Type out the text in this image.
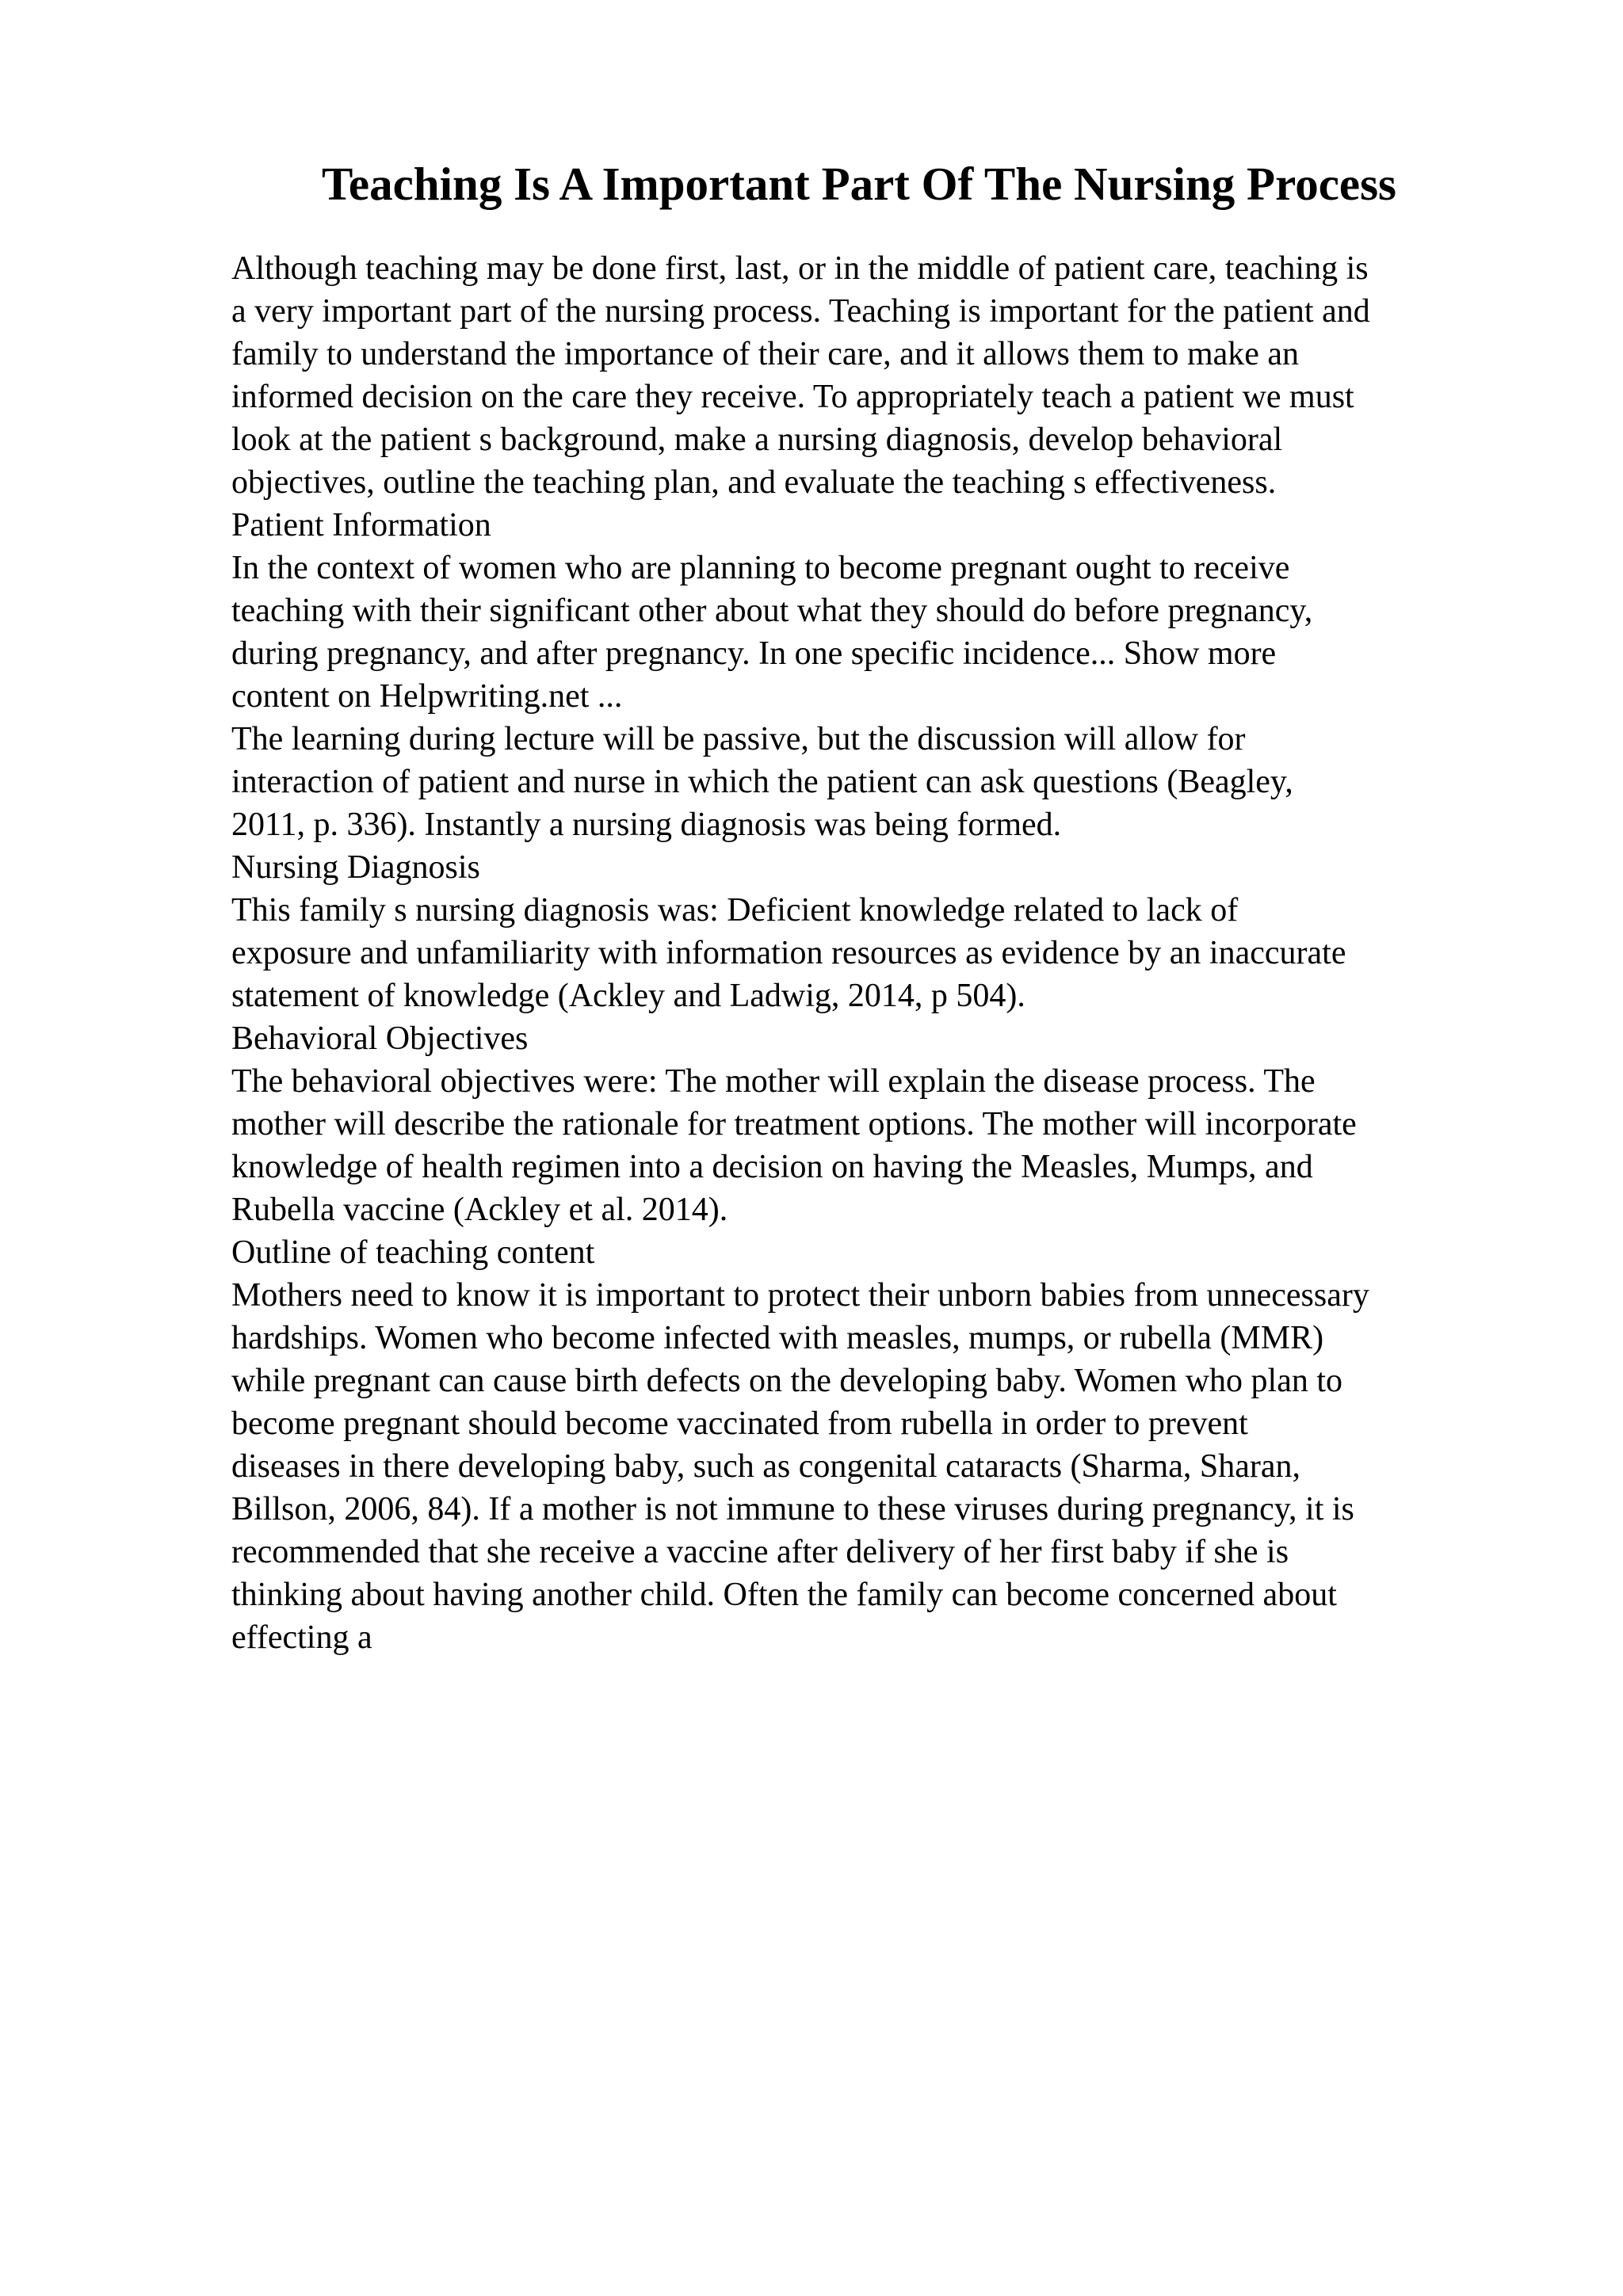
Teaching Is A Important Part Of The Nursing Process
Although teaching may be done first, last, or in the middle of patient care, teaching is
a very important part of the nursing process. Teaching is important for the patient and
family to understand the importance of their care, and it allows them to make an
informed decision on the care they receive. To appropriately teach a patient we must
look at the patient s background, make a nursing diagnosis, develop behavioral
objectives, outline the teaching plan, and evaluate the teaching s effectiveness.
Patient Information
In the context of women who are planning to become pregnant ought to receive
teaching with their significant other about what they should do before pregnancy,
during pregnancy, and after pregnancy. In one specific incidence... Show more
content on Helpwriting.net ...
The learning during lecture will be passive, but the discussion will allow for
interaction of patient and nurse in which the patient can ask questions (Beagley,
2011, p. 336). Instantly a nursing diagnosis was being formed.
Nursing Diagnosis
This family s nursing diagnosis was: Deficient knowledge related to lack of
exposure and unfamiliarity with information resources as evidence by an inaccurate
statement of knowledge (Ackley and Ladwig, 2014, p 504).
Behavioral Objectives
The behavioral objectives were: The mother will explain the disease process. The
mother will describe the rationale for treatment options. The mother will incorporate
knowledge of health regimen into a decision on having the Measles, Mumps, and
Rubella vaccine (Ackley et al. 2014).
Outline of teaching content
Mothers need to know it is important to protect their unborn babies from unnecessary
hardships. Women who become infected with measles, mumps, or rubella (MMR)
while pregnant can cause birth defects on the developing baby. Women who plan to
become pregnant should become vaccinated from rubella in order to prevent
diseases in there developing baby, such as congenital cataracts (Sharma, Sharan,
Billson, 2006, 84). If a mother is not immune to these viruses during pregnancy, it is
recommended that she receive a vaccine after delivery of her first baby if she is
thinking about having another child. Often the family can become concerned about
effecting a
